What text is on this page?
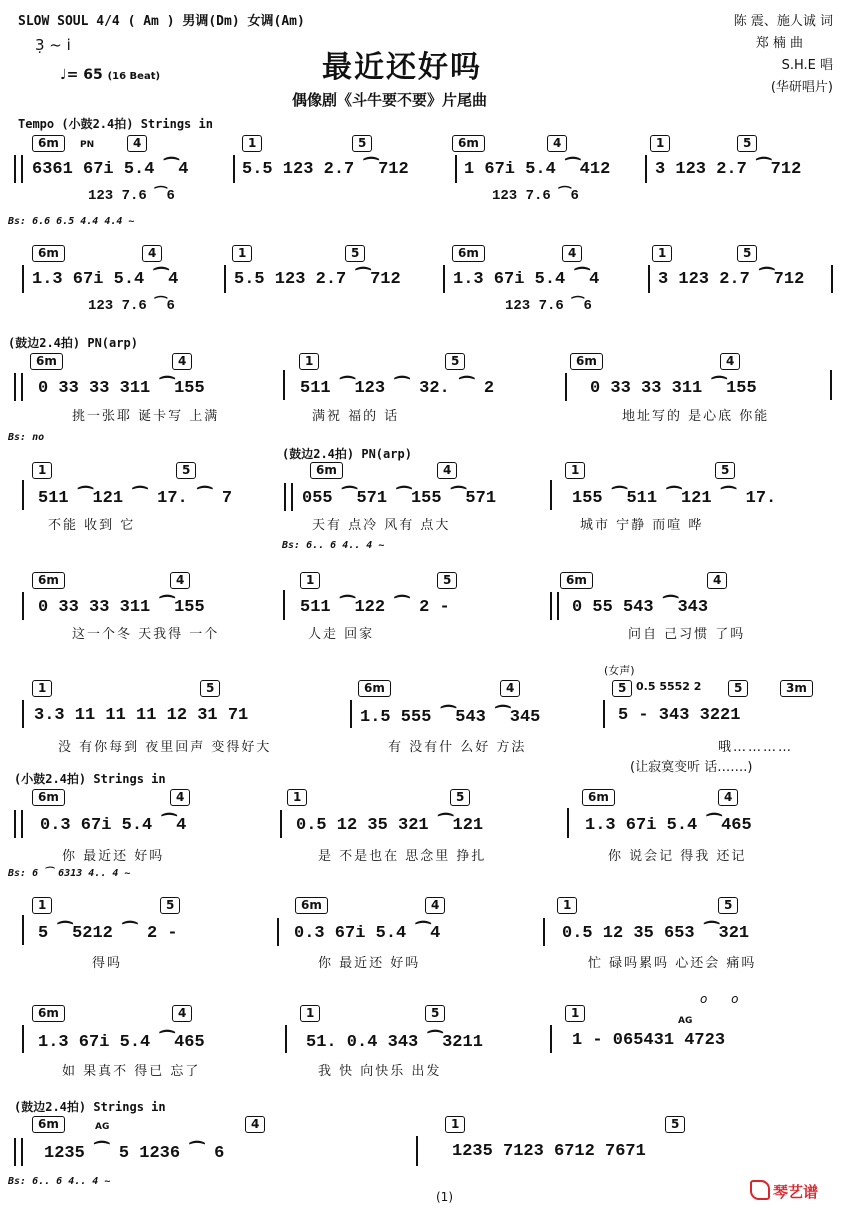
SLOW SOUL 4/4 ( Am ) 男调(Dm) 女调(Am)
3̣ ~ i
♩= 65 (16 Beat)	最近还好吗
偶像剧《斗牛要不要》片尾曲
陈 震、施人诚 词
郑 楠 曲
S.H.E 唱
(华研唱片)
Tempo (小鼓2.4拍) Strings in
6m	4	1	5	6m	4	1	5
PN
6361 67i 5.4 ⁀4	5.5 123 2.7 ⁀712	1 67i 5.4 ⁀412	3 123 2.7 ⁀712
123 7.6 ⁀6	123 7.6 ⁀6
Bs: 6.6 6.5 4.4 4.4 ~
6m	4	1	5	6m	4	1	5
1.3 67i 5.4 ⁀4	5.5 123 2.7 ⁀712	1.3 67i 5.4 ⁀4	3 123 2.7 ⁀712
123 7.6 ⁀6	123 7.6 ⁀6
(鼓边2.4拍) PN(arp)
6m	4	1	5	6m	4
0 33 33 311 ⁀155	511 ⁀123 ⁀ 32. ⁀ 2	0 33 33 311 ⁀155
挑一张耶 诞卡写 上满	满祝 福的 话	地址写的 是心底 你能
Bs: no
(鼓边2.4拍) PN(arp)
1	5	6m	4	1	5
511 ⁀121 ⁀ 17. ⁀ 7	055 ⁀571 ⁀155 ⁀571	155 ⁀511 ⁀121 ⁀ 17.
不能 收到 它	天有 点冷 风有 点大	城市 宁静 而喧 哗
Bs: 6.. 6 4.. 4 ~
6m	4	1	5	6m	4
0 33 33 311 ⁀155	511 ⁀122 ⁀ 2 -	0 55 543 ⁀343
这一个冬 天我得 一个	人走 回家	问自 己习惯 了吗
(女声)
1	5	6m	4	5	5	3m
0.5 5552 2
3.3 11 11 11 12 31 71	1.5 555 ⁀543 ⁀345	5 - 343 3221
没 有你每到 夜里回声 变得好大	有 没有什 么好 方法	哦…………
(让寂寞变听 话…….)
(小鼓2.4拍) Strings in
6m	4	1	5	6m	4
0.3 67i 5.4 ⁀4	0.5 12 35 321 ⁀121	1.3 67i 5.4 ⁀465
你 最近还 好吗	是 不是也在 思念里 挣扎	你 说会记 得我 还记
Bs: 6 ⁀ 6313 4.. 4 ~
1	5	6m	4	1	5
5 ⁀5212 ⁀ 2 -	0.3 67i 5.4 ⁀4	0.5 12 35 653 ⁀321
得吗	你 最近还 好吗	忙 碌吗累吗 心还会 痛吗
6m	4	1	5	1
AG
o o
1.3 67i 5.4 ⁀465	51. 0.4 343 ⁀3211	1 - 065431 4723
如 果真不 得已 忘了	我 快 向快乐 出发
(鼓边2.4拍) Strings in
6m	AG	4	1	5
1235 ⁀ 5 1236 ⁀ 6	1235 7123 6712 7671
Bs: 6.. 6 4.. 4 ~
(1)	琴艺谱
